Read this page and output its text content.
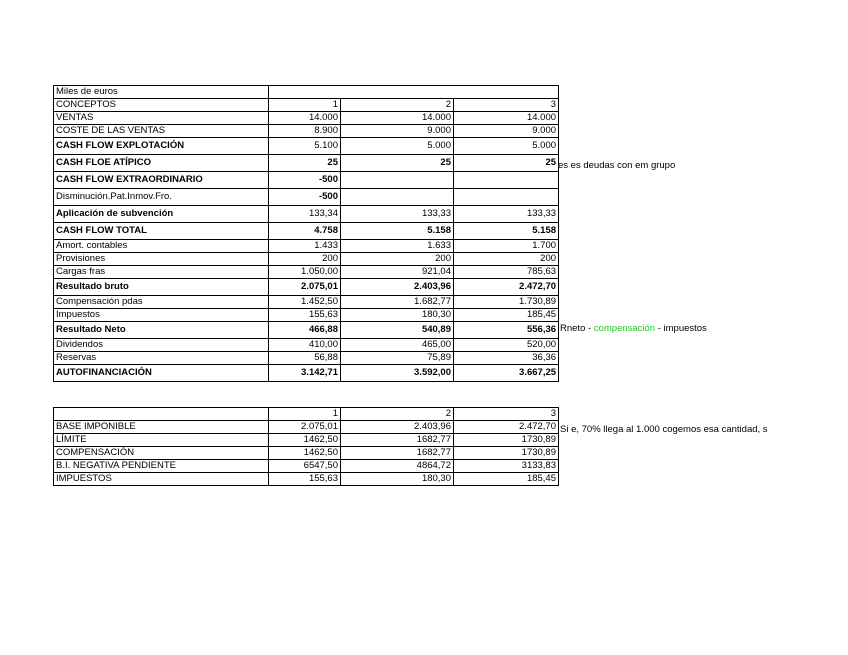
Miles de euros			
CONCEPTOS	1	2	3
VENTAS	14.000	14.000	14.000
COSTE DE LAS VENTAS	8.900	9.000	9.000
CASH FLOW EXPLOTACIÓN	5.100	5.000	5.000
CASH FLOE ATÍPICO	25	25	25
CASH FLOW EXTRAORDINARIO	-500		
Disminución.Pat.Inmov.Fro.	-500		
Aplicación de subvención	133,34	133,33	133,33
CASH FLOW TOTAL	4.758	5.158	5.158
Amort. contables	1.433	1.633	1.700
Provisiones	200	200	200
Cargas fras	1.050,00	921,04	785,63
Resultado bruto	2.075,01	2.403,96	2.472,70
Compensación pdas	1.452,50	1.682,77	1.730,89
Impuestos	155,63	180,30	185,45
Resultado Neto	466,88	540,89	556,36
Dividendos	410,00	465,00	520,00
Reservas	56,88	75,89	36,36
AUTOFINANCIACIÓN	3.142,71	3.592,00	3.667,25
es es deudas con em grupo
Rneto - compensación - impuestos
	1	2	3
BASE IMPONIBLE	2.075,01	2.403,96	2.472,70
LÍMITE	1462,50	1682,77	1730,89
COMPENSACIÓN	1462,50	1682,77	1730,89
B.I. NEGATIVA PENDIENTE	6547,50	4864,72	3133,83
IMPUESTOS	155,63	180,30	185,45
Si e, 70% llega al 1.000 cogemos esa cantidad, s
